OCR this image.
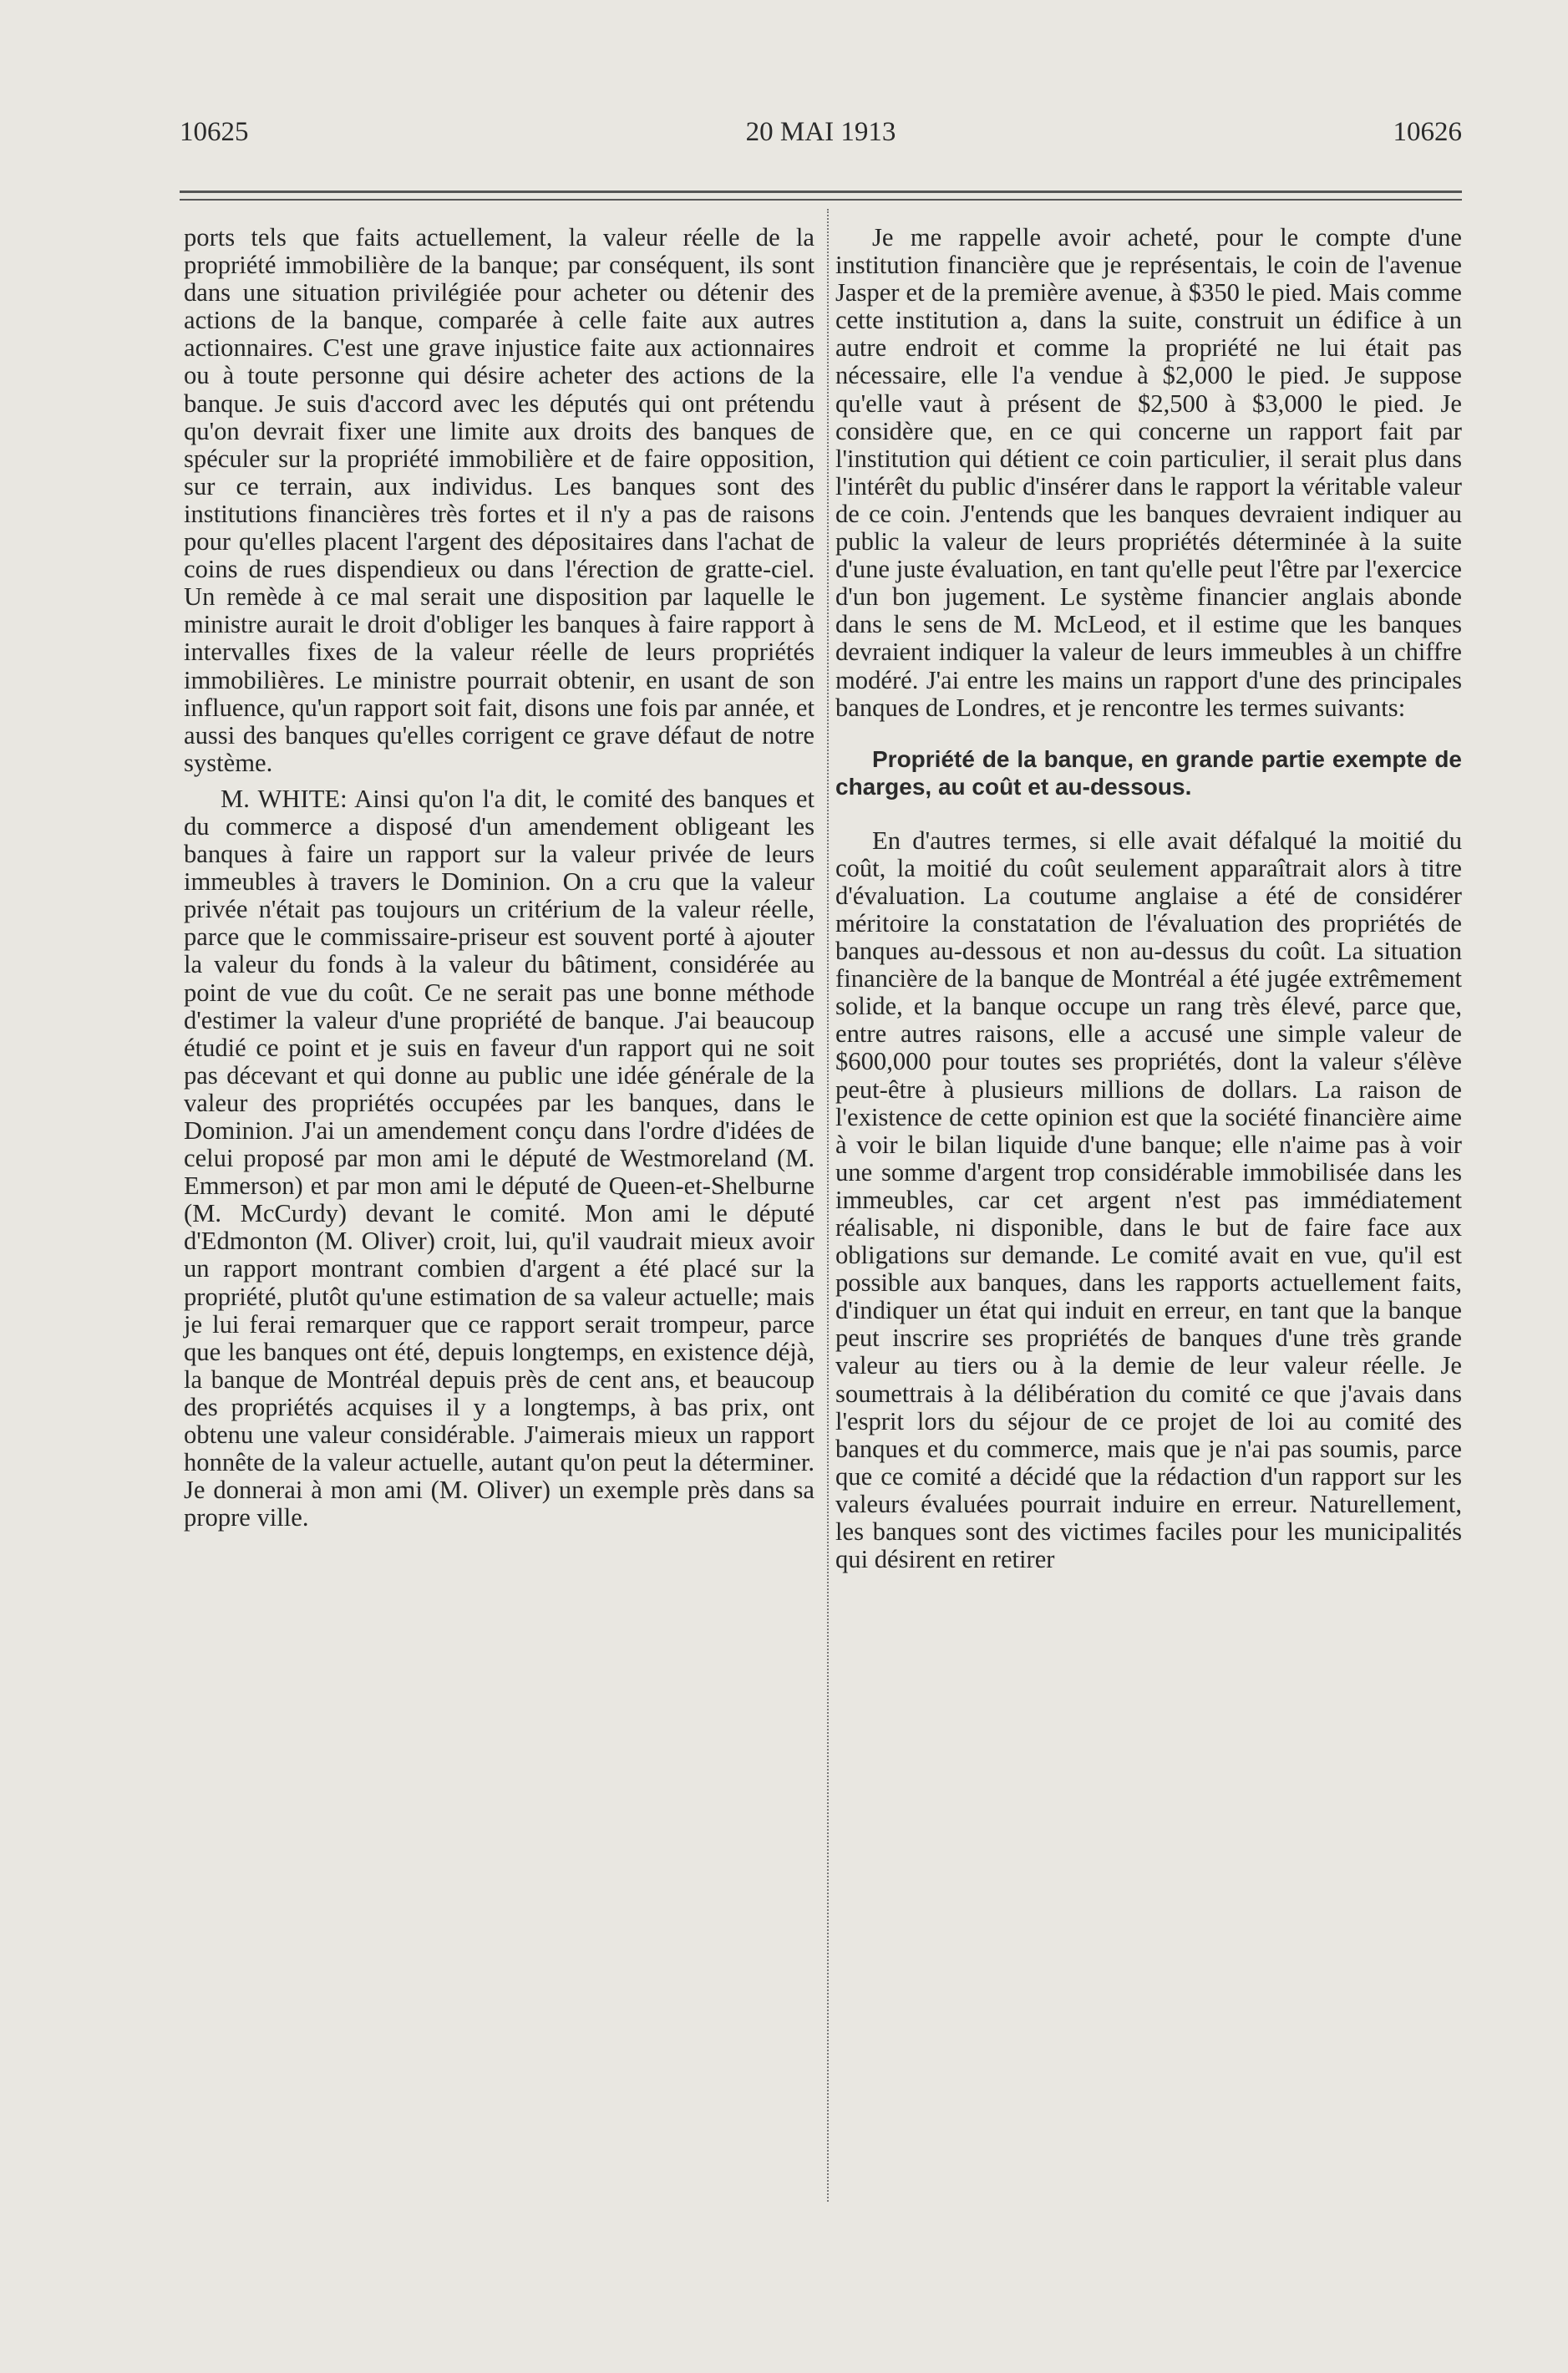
10625	20 MAI 1913	10626

ports tels que faits actuellement, la valeur réelle de la propriété immobilière de la banque; par conséquent, ils sont dans une situation privilégiée pour acheter ou détenir des actions de la banque, comparée à celle faite aux autres actionnaires. C'est une grave injustice faite aux actionnaires ou à toute personne qui désire acheter des actions de la banque. Je suis d'accord avec les députés qui ont prétendu qu'on devrait fixer une limite aux droits des banques de spéculer sur la propriété immobilière et de faire opposition, sur ce terrain, aux individus. Les banques sont des institutions financières très fortes et il n'y a pas de raisons pour qu'elles placent l'argent des dépositaires dans l'achat de coins de rues dispendieux ou dans l'érection de gratte-ciel. Un remède à ce mal serait une disposition par laquelle le ministre aurait le droit d'obliger les banques à faire rapport à intervalles fixes de la valeur réelle de leurs propriétés immobilières. Le ministre pourrait obtenir, en usant de son influence, qu'un rapport soit fait, disons une fois par année, et aussi des banques qu'elles corrigent ce grave défaut de notre système.

M. WHITE: Ainsi qu'on l'a dit, le comité des banques et du commerce a disposé d'un amendement obligeant les banques à faire un rapport sur la valeur privée de leurs immeubles à travers le Dominion. On a cru que la valeur privée n'était pas toujours un critérium de la valeur réelle, parce que le commissaire-priseur est souvent porté à ajouter la valeur du fonds à la valeur du bâtiment, considérée au point de vue du coût. Ce ne serait pas une bonne méthode d'estimer la valeur d'une propriété de banque. J'ai beaucoup étudié ce point et je suis en faveur d'un rapport qui ne soit pas décevant et qui donne au public une idée générale de la valeur des propriétés occupées par les banques, dans le Dominion. J'ai un amendement conçu dans l'ordre d'idées de celui proposé par mon ami le député de Westmoreland (M. Emmerson) et par mon ami le député de Queen-et-Shelburne (M. McCurdy) devant le comité. Mon ami le député d'Edmonton (M. Oliver) croit, lui, qu'il vaudrait mieux avoir un rapport montrant combien d'argent a été placé sur la propriété, plutôt qu'une estimation de sa valeur actuelle; mais je lui ferai remarquer que ce rapport serait trompeur, parce que les banques ont été, depuis longtemps, en existence déjà, la banque de Montréal depuis près de cent ans, et beaucoup des propriétés acquises il y a longtemps, à bas prix, ont obtenu une valeur considérable. J'aimerais mieux un rapport honnête de la valeur actuelle, autant qu'on peut la déterminer. Je donnerai à mon ami (M. Oliver) un exemple près dans sa propre ville.

Je me rappelle avoir acheté, pour le compte d'une institution financière que je représentais, le coin de l'avenue Jasper et de la première avenue, à $350 le pied. Mais comme cette institution a, dans la suite, construit un édifice à un autre endroit et comme la propriété ne lui était pas nécessaire, elle l'a vendue à $2,000 le pied. Je suppose qu'elle vaut à présent de $2,500 à $3,000 le pied. Je considère que, en ce qui concerne un rapport fait par l'institution qui détient ce coin particulier, il serait plus dans l'intérêt du public d'insérer dans le rapport la véritable valeur de ce coin. J'entends que les banques devraient indiquer au public la valeur de leurs propriétés déterminée à la suite d'une juste évaluation, en tant qu'elle peut l'être par l'exercice d'un bon jugement. Le système financier anglais abonde dans le sens de M. McLeod, et il estime que les banques devraient indiquer la valeur de leurs immeubles à un chiffre modéré. J'ai entre les mains un rapport d'une des principales banques de Londres, et je rencontre les termes suivants:

Propriété de la banque, en grande partie exempte de charges, au coût et au-dessous.

En d'autres termes, si elle avait défalqué la moitié du coût, la moitié du coût seulement apparaîtrait alors à titre d'évaluation. La coutume anglaise a été de considérer méritoire la constatation de l'évaluation des propriétés de banques au-dessous et non au-dessus du coût. La situation financière de la banque de Montréal a été jugée extrêmement solide, et la banque occupe un rang très élevé, parce que, entre autres raisons, elle a accusé une simple valeur de $600,000 pour toutes ses propriétés, dont la valeur s'élève peut-être à plusieurs millions de dollars. La raison de l'existence de cette opinion est que la société financière aime à voir le bilan liquide d'une banque; elle n'aime pas à voir une somme d'argent trop considérable immobilisée dans les immeubles, car cet argent n'est pas immédiatement réalisable, ni disponible, dans le but de faire face aux obligations sur demande. Le comité avait en vue, qu'il est possible aux banques, dans les rapports actuellement faits, d'indiquer un état qui induit en erreur, en tant que la banque peut inscrire ses propriétés de banques d'une très grande valeur au tiers ou à la demie de leur valeur réelle. Je soumettrais à la délibération du comité ce que j'avais dans l'esprit lors du séjour de ce projet de loi au comité des banques et du commerce, mais que je n'ai pas soumis, parce que ce comité a décidé que la rédaction d'un rapport sur les valeurs évaluées pourrait induire en erreur. Naturellement, les banques sont des victimes faciles pour les municipalités qui désirent en retirer
